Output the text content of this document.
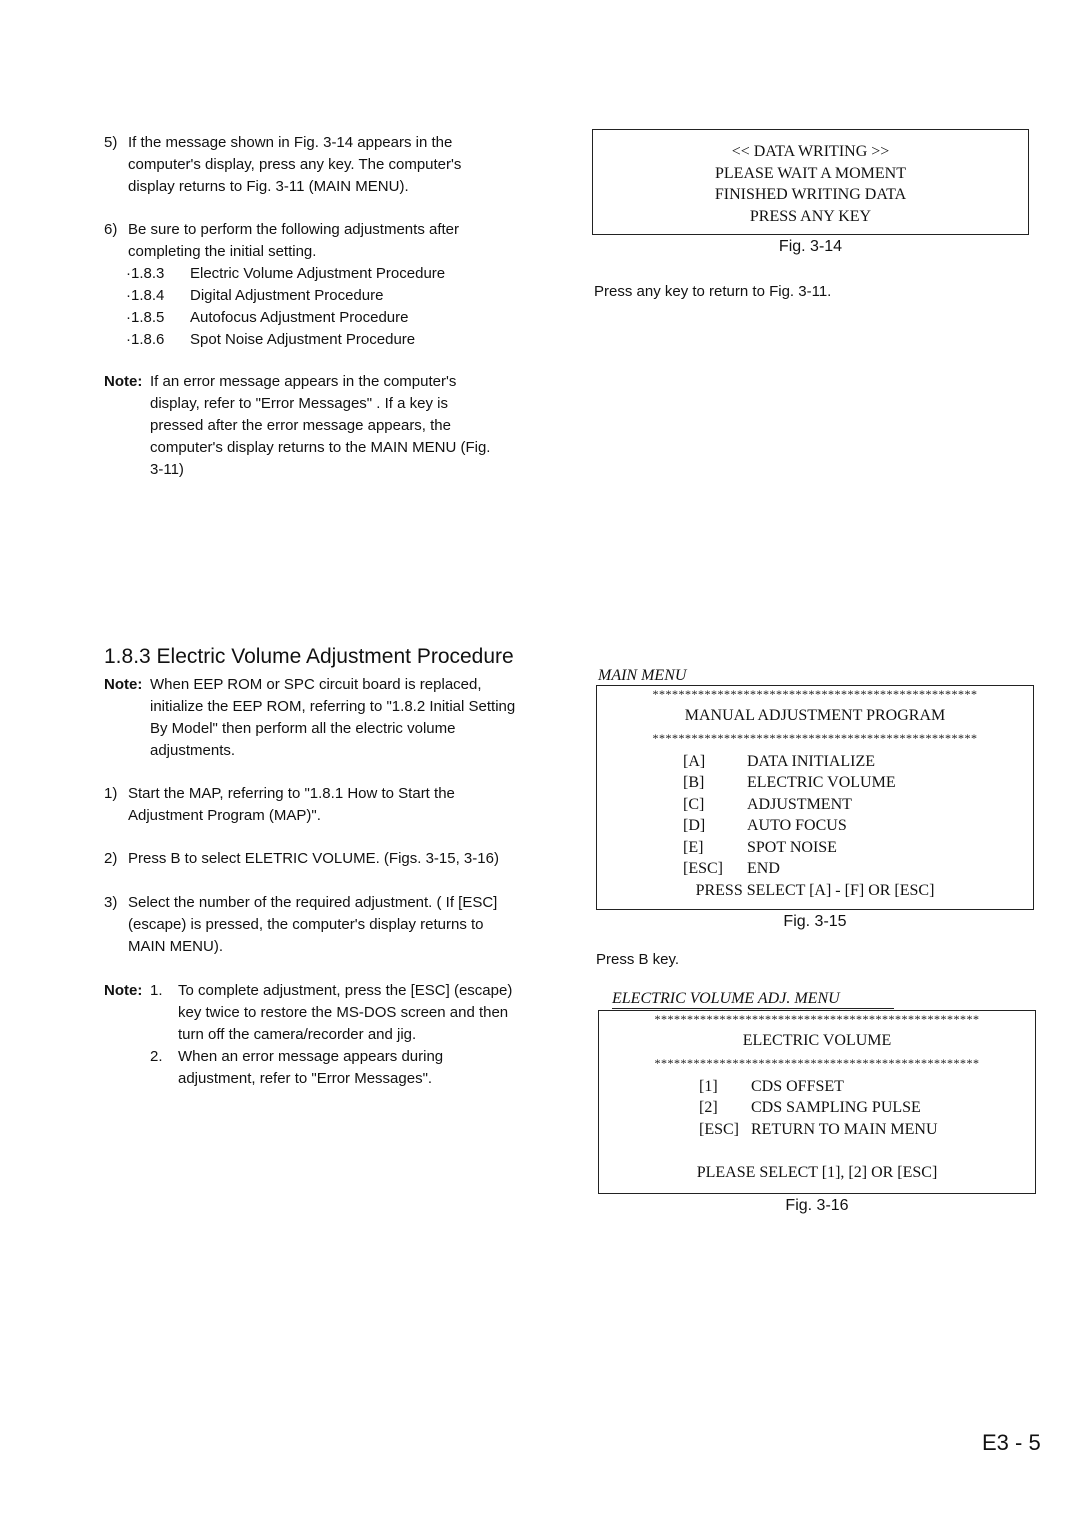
5) If the message shown in Fig. 3-14 appears in the computer's display, press any key. The computer's display returns to Fig. 3-11 (MAIN MENU).
6) Be sure to perform the following adjustments after completing the initial setting.
·1.8.3	Electric Volume Adjustment Procedure
·1.8.4	Digital Adjustment Procedure
·1.8.5	Autofocus Adjustment Procedure
·1.8.6	Spot Noise Adjustment Procedure
Note: If an error message appears in the computer's display, refer to "Error Messages" . If a key is pressed after the error message appears, the computer's display returns to the MAIN MENU (Fig. 3-11)
1.8.3 Electric Volume Adjustment Procedure
Note: When EEP ROM or SPC circuit board is replaced, initialize the EEP ROM, referring to "1.8.2 Initial Setting By Model" then perform all the electric volume adjustments.
1) Start the MAP, referring to "1.8.1 How to Start the Adjustment Program (MAP)".
2) Press B to select ELETRIC VOLUME. (Figs. 3-15, 3-16)
3) Select the number of the required adjustment. ( If [ESC] (escape) is pressed, the computer's display returns to MAIN MENU).
Note: 1.	To complete adjustment, press the [ESC] (escape) key twice to restore the MS-DOS screen and then turn off the camera/recorder and jig.
2.	When an error message appears during adjustment, refer to "Error Messages".
<< DATA WRITING >>
PLEASE WAIT A MOMENT
FINISHED WRITING DATA
PRESS ANY KEY
Fig. 3-14
Press any key to return to Fig. 3-11.
MAIN MENU
**************************************************
MANUAL ADJUSTMENT PROGRAM
**************************************************
[A]	DATA INITIALIZE
[B]	ELECTRIC VOLUME
[C]	ADJUSTMENT
[D]	AUTO FOCUS
[E]	SPOT NOISE
[ESC]	END
PRESS SELECT [A] - [F] OR [ESC]
Fig. 3-15
Press B key.
ELECTRIC VOLUME ADJ. MENU
**************************************************
ELECTRIC VOLUME
**************************************************
[1]	CDS OFFSET
[2]	CDS SAMPLING PULSE
[ESC] RETURN TO MAIN MENU
PLEASE SELECT [1], [2] OR [ESC]
Fig. 3-16
E3 - 5
